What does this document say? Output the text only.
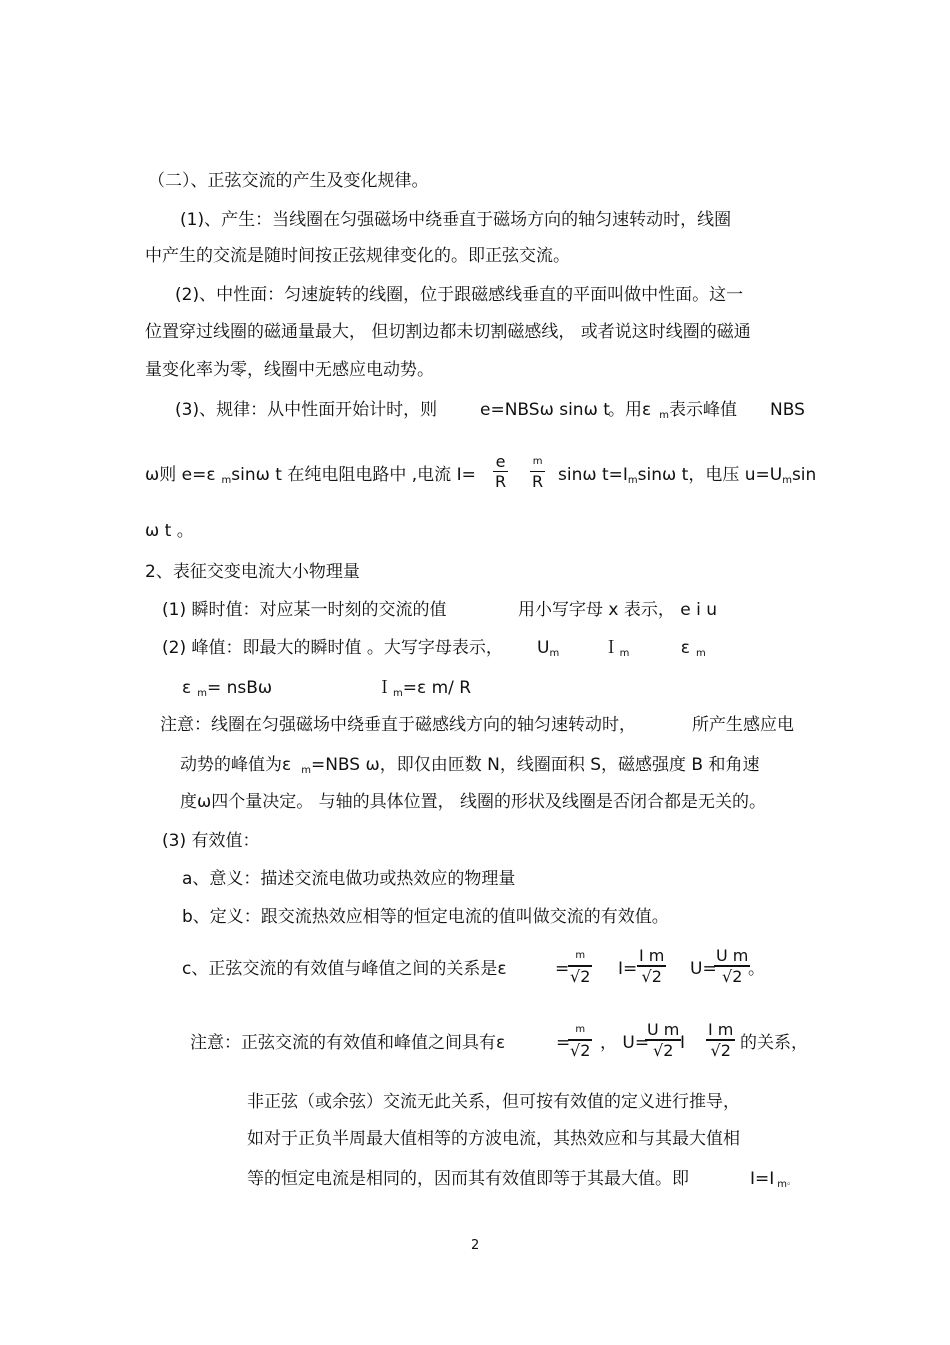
（二）、正弦交流的产生及变化规律。
(1)、产生：当线圈在匀强磁场中绕垂直于磁场方向的轴匀速转动时，线圈
中产生的交流是随时间按正弦规律变化的。即正弦交流。
(2)、中性面：匀速旋转的线圈，位于跟磁感线垂直的平面叫做中性面。这一
位置穿过线圈的磁通量最大， 但切割边都未切割磁感线， 或者说这时线圈的磁通
量变化率为零，线圈中无感应电动势。
(3)、规律：从中性面开始计时，则	e=NBSω sinω t
。用ε $_m$表示峰值 NBS
ω则 e=ε $_m$sinω t 在纯电阻电路中 ,电流 $I= \frac{e}{R}$ m
R sinω $t=I_m\sin\omega$ t，电压 $u=U_m\sin$
ω t 。
2、表征交变电流大小物理量
(1) 瞬时值：对应某一时刻的交流的值	用小写字母 x 表示， e i u
(2) 峰值：即最大的瞬时值 。大写字母表示， $U_m$	Ｉ$_m$	ε $_m$
ε $_m$= nsBω	Ｉ$_m$=ε m/ R
注意：线圈在匀强磁场中绕垂直于磁感线方向的轴匀速转动时，	所产生感应电
动势的峰值为ε $_m$=NBS ω，即仅由匝数 N，线圈面积 S，磁感强度 B 和角速
度ω四个量决定。 与轴的具体位置， 线圈的形状及线圈是否闭合都是无关的。
(3) 有效值：
a、意义：描述交流电做功或热效应的物理量
b、定义：跟交流热效应相等的恒定电流的值叫做交流的有效值。
c、正弦交流的有效值与峰值之间的关系是ε	=
m
√2 $I= \frac{\text{I m}}{√2} U=$
$\frac{\text{U m}}{√2}$
。
注意：正弦交流的有效值和峰值之间具有ε	=
m
√2 ， U=
$\frac{\text{U m}}{√2}$
I $\frac{\text{I m}}{√2}$ 的关系，
非正弦（或余弦）交流无此关系，但可按有效值的定义进行推导，
如对于正负半周最大值相等的方波电流，其热效应和与其最大值相
等的恒定电流是相同的，因而其有效值即等于其最大值。即	I=I $_m$。
2
